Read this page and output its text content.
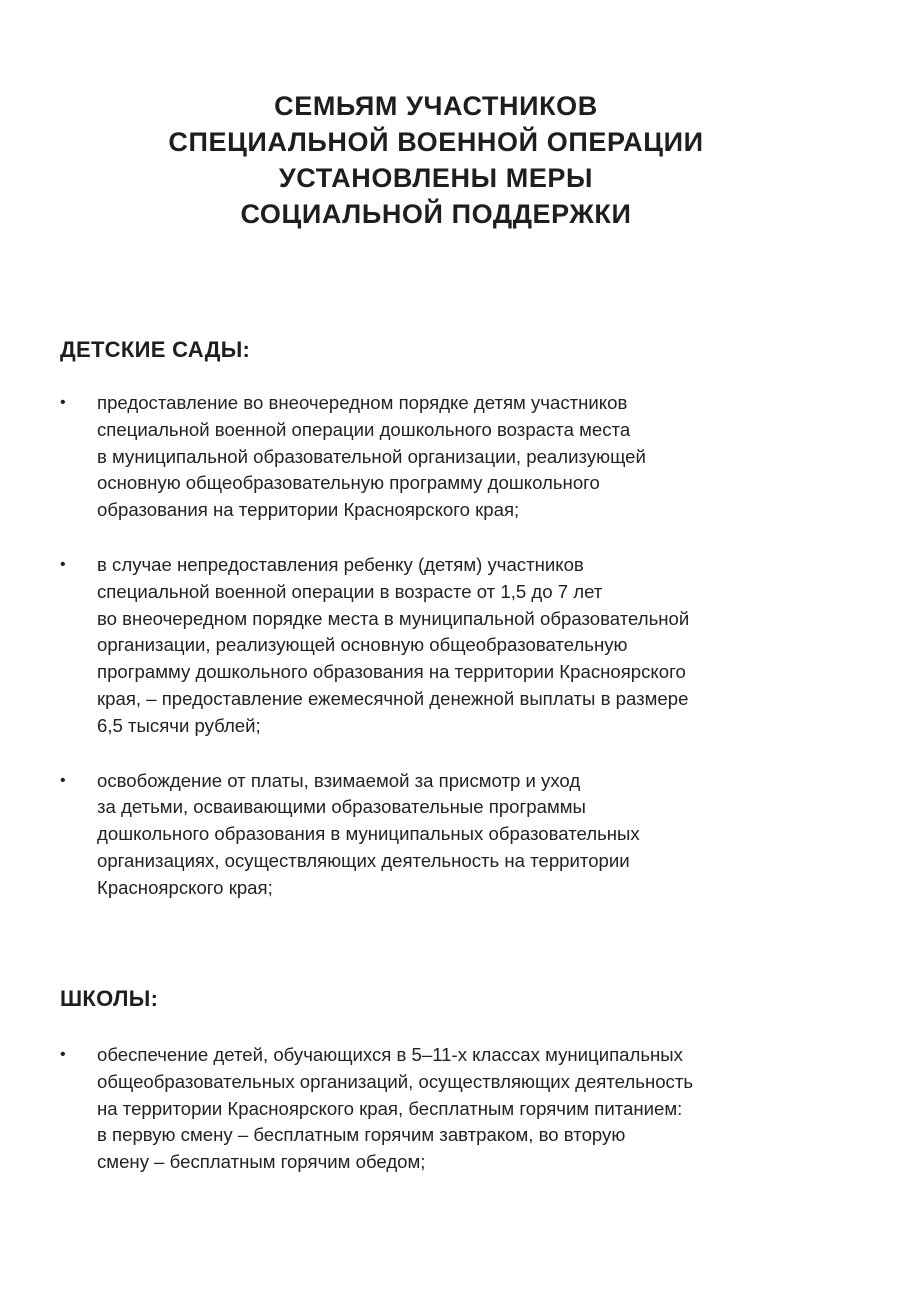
СЕМЬЯМ УЧАСТНИКОВ
СПЕЦИАЛЬНОЙ ВОЕННОЙ ОПЕРАЦИИ
УСТАНОВЛЕНЫ МЕРЫ
СОЦИАЛЬНОЙ ПОДДЕРЖКИ
ДЕТСКИЕ САДЫ:
•	предоставление во внеочередном порядке детям участников
специальной военной операции дошкольного возраста места
в муниципальной образовательной организации, реализующей
основную общеобразовательную программу дошкольного
образования на территории Красноярского края;
•	в случае непредоставления ребенку (детям) участников
специальной военной операции в возрасте от 1,5 до 7 лет
во внеочередном порядке места в муниципальной образовательной
организации, реализующей основную общеобразовательную
программу дошкольного образования на территории Красноярского
края, – предоставление ежемесячной денежной выплаты в размере
6,5 тысячи рублей;
•	освобождение от платы, взимаемой за присмотр и уход
за детьми, осваивающими образовательные программы
дошкольного образования в муниципальных образовательных
организациях, осуществляющих деятельность на территории
Красноярского края;
ШКОЛЫ:
•	обеспечение детей, обучающихся в 5–11-х классах муниципальных
общеобразовательных организаций, осуществляющих деятельность
на территории Красноярского края, бесплатным горячим питанием:
в первую смену – бесплатным горячим завтраком, во вторую
смену – бесплатным горячим обедом;
